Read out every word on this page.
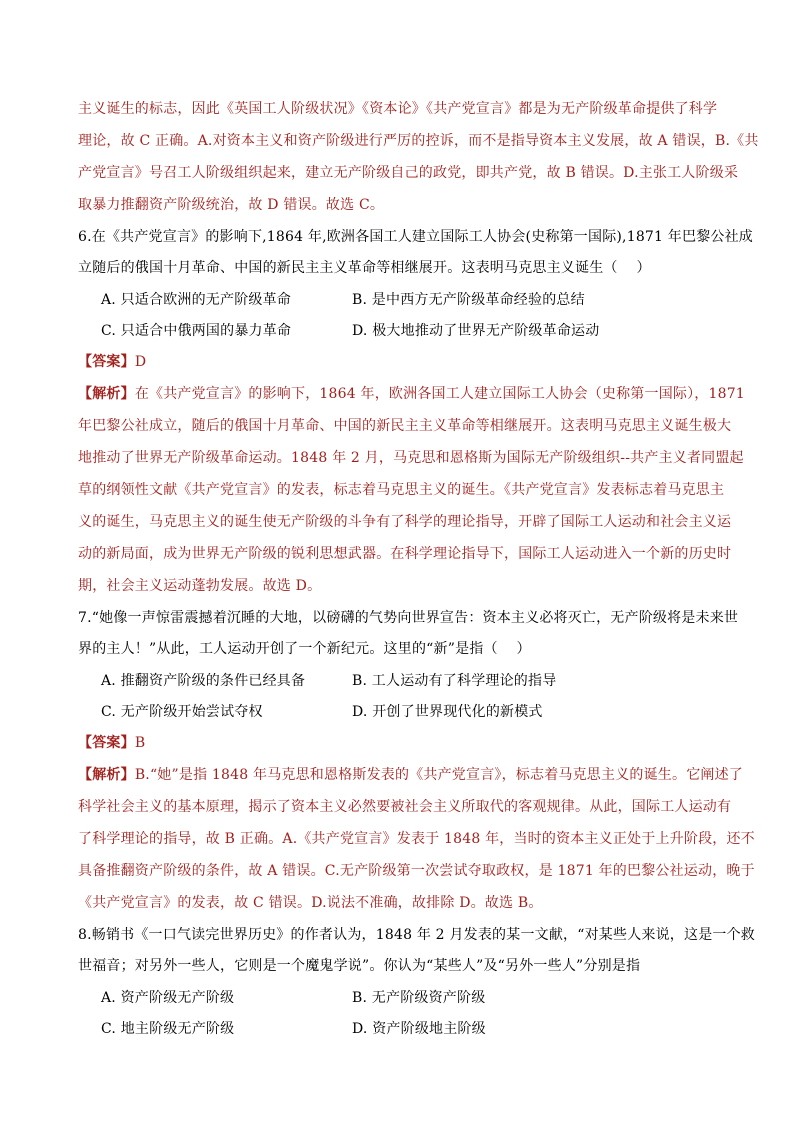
主义诞生的标志，因此《英国工人阶级状况》《资本论》《共产党宣言》都是为无产阶级革命提供了科学
理论，故 C 正确。A.对资本主义和资产阶级进行严厉的控诉，而不是指导资本主义发展，故 A 错误，B.《共
产党宣言》号召工人阶级组织起来，建立无产阶级自己的政党，即共产党，故 B 错误。D.主张工人阶级采
取暴力推翻资产阶级统治，故 D 错误。故选 C。
6.在《共产党宣言》的影响下,1864 年,欧洲各国工人建立国际工人协会(史称第一国际),1871 年巴黎公社成
立随后的俄国十月革命、中国的新民主主义革命等相继展开。这表明马克思主义诞生（　 ）
A. 只适合欧洲的无产阶级革命	B. 是中西方无产阶级革命经验的总结
C. 只适合中俄两国的暴力革命	D. 极大地推动了世界无产阶级革命运动
【答案】D
【解析】在《共产党宣言》的影响下，1864 年，欧洲各国工人建立国际工人协会（史称第一国际），1871
年巴黎公社成立，随后的俄国十月革命、中国的新民主主义革命等相继展开。这表明马克思主义诞生极大
地推动了世界无产阶级革命运动。1848 年 2 月，马克思和恩格斯为国际无产阶级组织--共产主义者同盟起
草的纲领性文献《共产党宣言》的发表，标志着马克思主义的诞生。《共产党宣言》发表标志着马克思主
义的诞生，马克思主义的诞生使无产阶级的斗争有了科学的理论指导，开辟了国际工人运动和社会主义运
动的新局面，成为世界无产阶级的锐利思想武器。在科学理论指导下，国际工人运动进入一个新的历史时
期，社会主义运动蓬勃发展。故选 D。
7.“她像一声惊雷震撼着沉睡的大地，以磅礴的气势向世界宣告：资本主义必将灭亡，无产阶级将是未来世
界的主人！”从此，工人运动开创了一个新纪元。这里的“新”是指（　 ）
A. 推翻资产阶级的条件已经具备	B. 工人运动有了科学理论的指导
C. 无产阶级开始尝试夺权	D. 开创了世界现代化的新模式
【答案】B
【解析】B.“她”是指 1848 年马克思和恩格斯发表的《共产党宣言》，标志着马克思主义的诞生。它阐述了
科学社会主义的基本原理，揭示了资本主义必然要被社会主义所取代的客观规律。从此，国际工人运动有
了科学理论的指导，故 B 正确。A.《共产党宣言》发表于 1848 年，当时的资本主义正处于上升阶段，还不
具备推翻资产阶级的条件，故 A 错误。C.无产阶级第一次尝试夺取政权，是 1871 年的巴黎公社运动，晚于
《共产党宣言》的发表，故 C 错误。D.说法不准确，故排除 D。故选 B。
8.畅销书《一口气读完世界历史》的作者认为，1848 年 2 月发表的某一文献，“对某些人来说，这是一个救
世福音；对另外一些人，它则是一个魔鬼学说”。你认为“某些人”及“另外一些人”分别是指
A. 资产阶级无产阶级	B. 无产阶级资产阶级
C. 地主阶级无产阶级	D. 资产阶级地主阶级
